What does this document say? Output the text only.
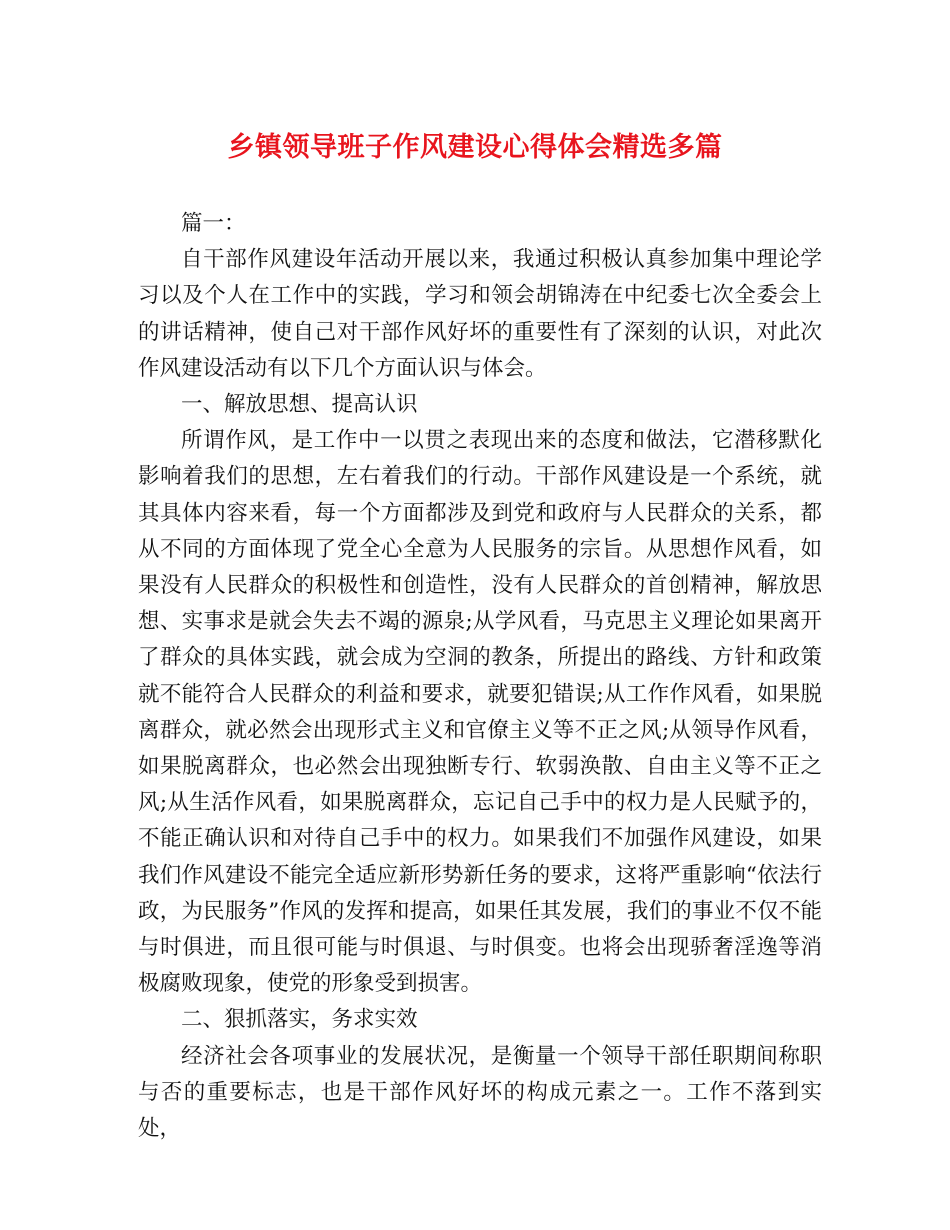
乡镇领导班子作风建设心得体会精选多篇

篇一：

自干部作风建设年活动开展以来，我通过积极认真参加集中理论学习以及个人在工作中的实践，学习和领会胡锦涛在中纪委七次全委会上的讲话精神，使自己对干部作风好坏的重要性有了深刻的认识，对此次作风建设活动有以下几个方面认识与体会。

一、解放思想、提高认识

所谓作风，是工作中一以贯之表现出来的态度和做法，它潜移默化影响着我们的思想，左右着我们的行动。干部作风建设是一个系统，就其具体内容来看，每一个方面都涉及到党和政府与人民群众的关系，都从不同的方面体现了党全心全意为人民服务的宗旨。从思想作风看，如果没有人民群众的积极性和创造性，没有人民群众的首创精神，解放思想、实事求是就会失去不竭的源泉;从学风看，马克思主义理论如果离开了群众的具体实践，就会成为空洞的教条，所提出的路线、方针和政策就不能符合人民群众的利益和要求，就要犯错误;从工作作风看，如果脱离群众，就必然会出现形式主义和官僚主义等不正之风;从领导作风看，如果脱离群众，也必然会出现独断专行、软弱涣散、自由主义等不正之风;从生活作风看，如果脱离群众，忘记自己手中的权力是人民赋予的，不能正确认识和对待自己手中的权力。如果我们不加强作风建设，如果我们作风建设不能完全适应新形势新任务的要求，这将严重影响“依法行政，为民服务”作风的发挥和提高，如果任其发展，我们的事业不仅不能与时俱进，而且很可能与时俱退、与时俱变。也将会出现骄奢淫逸等消极腐败现象，使党的形象受到损害。

二、狠抓落实，务求实效

经济社会各项事业的发展状况，是衡量一个领导干部任职期间称职与否的重要标志，也是干部作风好坏的构成元素之一。工作不落到实处，
